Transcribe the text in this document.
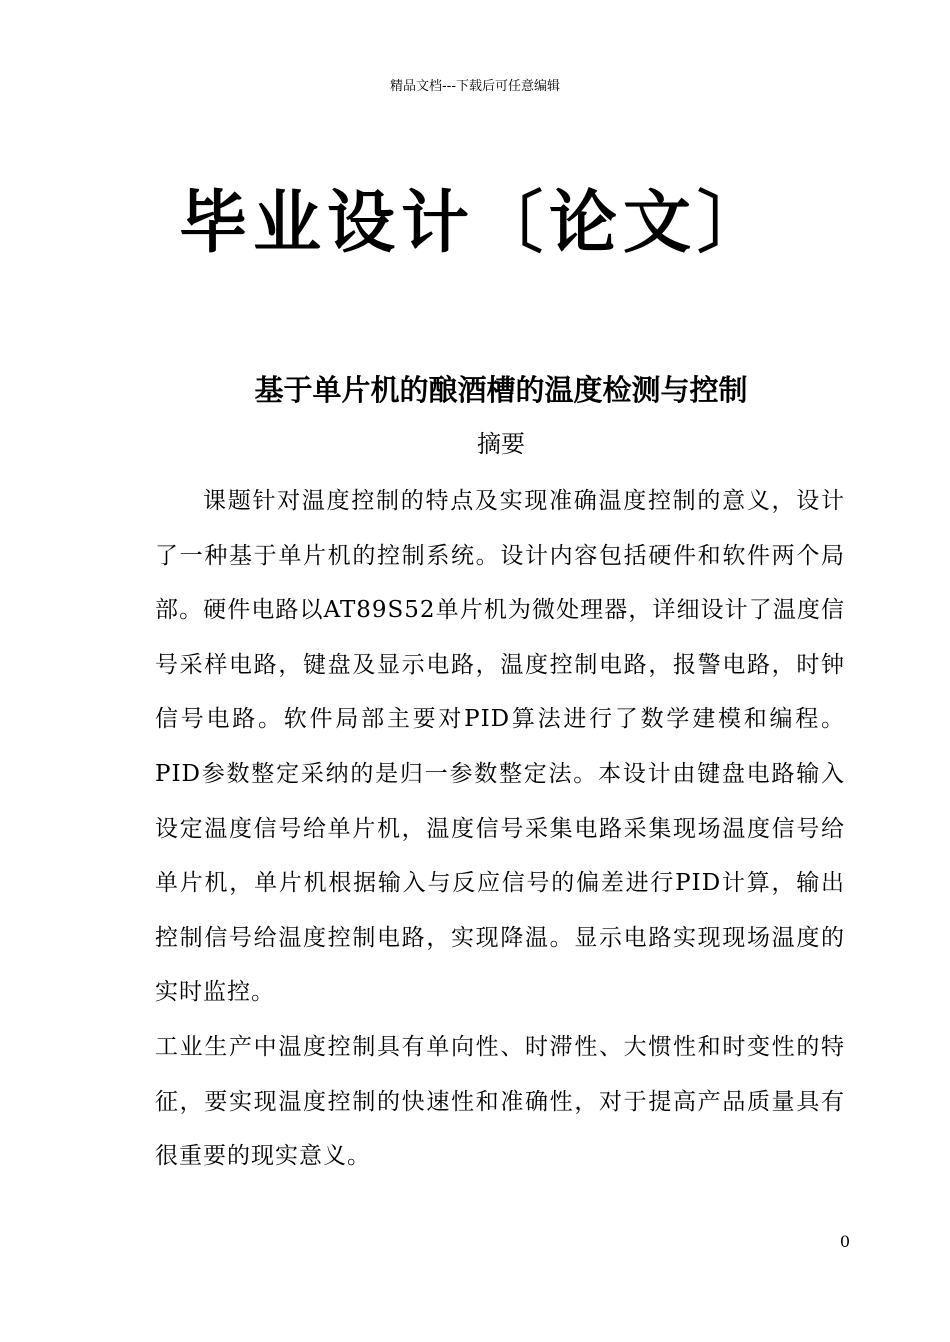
精品文档---下载后可任意编辑
毕业设计〔论文〕
基于单片机的酿酒槽的温度检测与控制
摘要

课题针对温度控制的特点及实现准确温度控制的意义，设计了一种基于单片机的控制系统。设计内容包括硬件和软件两个局部。硬件电路以AT89S52单片机为微处理器，详细设计了温度信号采样电路，键盘及显示电路，温度控制电路，报警电路，时钟信号电路。软件局部主要对PID算法进行了数学建模和编程。PID参数整定采纳的是归一参数整定法。本设计由键盘电路输入设定温度信号给单片机，温度信号采集电路采集现场温度信号给单片机，单片机根据输入与反应信号的偏差进行PID计算，输出控制信号给温度控制电路，实现降温。显示电路实现现场温度的实时监控。

工业生产中温度控制具有单向性、时滞性、大惯性和时变性的特征，要实现温度控制的快速性和准确性，对于提高产品质量具有很重要的现实意义。

0
